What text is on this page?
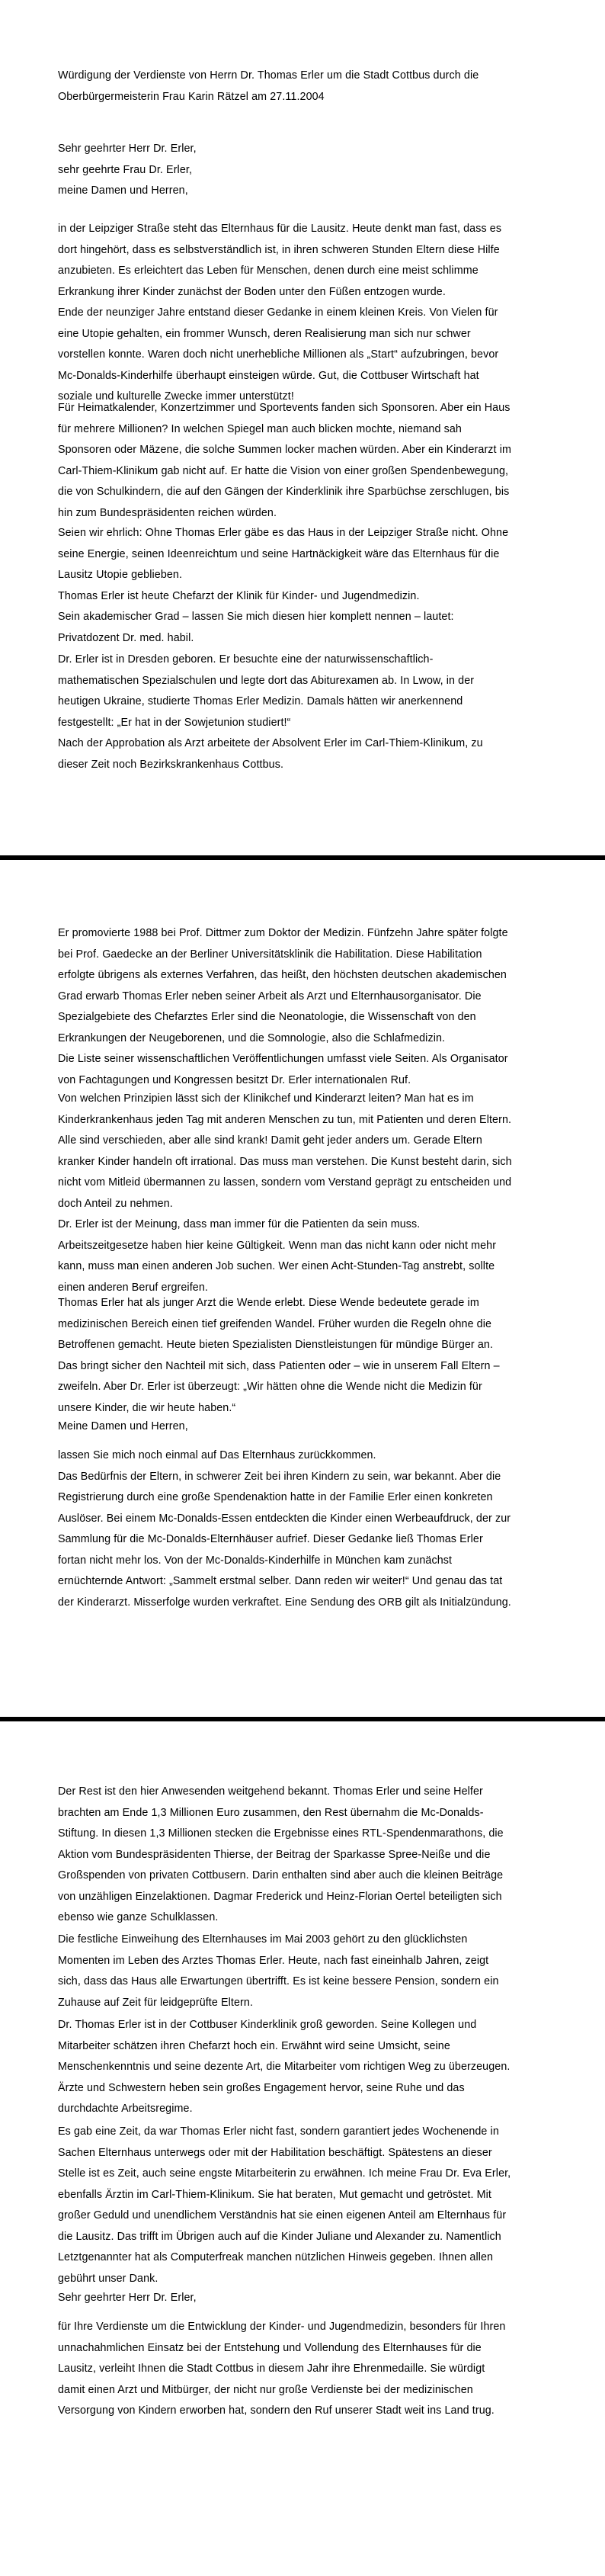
Würdigung der Verdienste von Herrn Dr. Thomas Erler um die Stadt Cottbus durch die
Oberbürgermeisterin Frau Karin Rätzel am 27.11.2004
Sehr geehrter Herr Dr. Erler,
sehr geehrte Frau Dr. Erler,
meine Damen und Herren,
in der Leipziger Straße steht das Elternhaus für die Lausitz. Heute denkt man fast, dass es
dort hingehört, dass es selbstverständlich ist, in ihren schweren Stunden Eltern diese Hilfe
anzubieten. Es erleichtert das Leben für Menschen, denen durch eine meist schlimme
Erkrankung ihrer Kinder zunächst der Boden unter den Füßen entzogen wurde.
Ende der neunziger Jahre entstand dieser Gedanke in einem kleinen Kreis. Von Vielen für
eine Utopie gehalten, ein frommer Wunsch, deren Realisierung man sich nur schwer
vorstellen konnte. Waren doch nicht unerhebliche Millionen als „Start“ aufzubringen, bevor
Mc-Donalds-Kinderhilfe überhaupt einsteigen würde. Gut, die Cottbuser Wirtschaft hat
soziale und kulturelle Zwecke immer unterstützt!
Für Heimatkalender, Konzertzimmer und Sportevents fanden sich Sponsoren. Aber ein Haus
für mehrere Millionen? In welchen Spiegel man auch blicken mochte, niemand sah
Sponsoren oder Mäzene, die solche Summen locker machen würden. Aber ein Kinderarzt im
Carl-Thiem-Klinikum gab nicht auf. Er hatte die Vision von einer großen Spendenbewegung,
die von Schulkindern, die auf den Gängen der Kinderklinik ihre Sparbüchse zerschlugen, bis
hin zum Bundespräsidenten reichen würden.
Seien wir ehrlich: Ohne Thomas Erler gäbe es das Haus in der Leipziger Straße nicht. Ohne
seine Energie, seinen Ideenreichtum und seine Hartnäckigkeit wäre das Elternhaus für die
Lausitz Utopie geblieben.
Thomas Erler ist heute Chefarzt der Klinik für Kinder- und Jugendmedizin.
Sein akademischer Grad – lassen Sie mich diesen hier komplett nennen – lautet:
Privatdozent Dr. med. habil.
Dr. Erler ist in Dresden geboren. Er besuchte eine der naturwissenschaftlich-
mathematischen Spezialschulen und legte dort das Abiturexamen ab. In Lwow, in der
heutigen Ukraine, studierte Thomas Erler Medizin. Damals hätten wir anerkennend
festgestellt: „Er hat in der Sowjetunion studiert!“
Nach der Approbation als Arzt arbeitete der Absolvent Erler im Carl-Thiem-Klinikum, zu
dieser Zeit noch Bezirkskrankenhaus Cottbus.
Er promovierte 1988 bei Prof. Dittmer zum Doktor der Medizin. Fünfzehn Jahre später folgte
bei Prof. Gaedecke an der Berliner Universitätsklinik die Habilitation. Diese Habilitation
erfolgte übrigens als externes Verfahren, das heißt, den höchsten deutschen akademischen
Grad erwarb Thomas Erler neben seiner Arbeit als Arzt und Elternhausorganisator. Die
Spezialgebiete des Chefarztes Erler sind die Neonatologie, die Wissenschaft von den
Erkrankungen der Neugeborenen, und die Somnologie, also die Schlafmedizin.
Die Liste seiner wissenschaftlichen Veröffentlichungen umfasst viele Seiten. Als Organisator
von Fachtagungen und Kongressen besitzt Dr. Erler internationalen Ruf.
Von welchen Prinzipien lässt sich der Klinikchef und Kinderarzt leiten? Man hat es im
Kinderkrankenhaus jeden Tag mit anderen Menschen zu tun, mit Patienten und deren Eltern.
Alle sind verschieden, aber alle sind krank! Damit geht jeder anders um. Gerade Eltern
kranker Kinder handeln oft irrational. Das muss man verstehen. Die Kunst besteht darin, sich
nicht vom Mitleid übermannen zu lassen, sondern vom Verstand geprägt zu entscheiden und
doch Anteil zu nehmen.
Dr. Erler ist der Meinung, dass man immer für die Patienten da sein muss.
Arbeitszeitgesetze haben hier keine Gültigkeit. Wenn man das nicht kann oder nicht mehr
kann, muss man einen anderen Job suchen. Wer einen Acht-Stunden-Tag anstrebt, sollte
einen anderen Beruf ergreifen.
Thomas Erler hat als junger Arzt die Wende erlebt. Diese Wende bedeutete gerade im
medizinischen Bereich einen tief greifenden Wandel. Früher wurden die Regeln ohne die
Betroffenen gemacht. Heute bieten Spezialisten Dienstleistungen für mündige Bürger an.
Das bringt sicher den Nachteil mit sich, dass Patienten oder – wie in unserem Fall Eltern –
zweifeln. Aber Dr. Erler ist überzeugt: „Wir hätten ohne die Wende nicht die Medizin für
unsere Kinder, die wir heute haben.“
Meine Damen und Herren,
lassen Sie mich noch einmal auf Das Elternhaus zurückkommen.
Das Bedürfnis der Eltern, in schwerer Zeit bei ihren Kindern zu sein, war bekannt. Aber die
Registrierung durch eine große Spendenaktion hatte in der Familie Erler einen konkreten
Auslöser. Bei einem Mc-Donalds-Essen entdeckten die Kinder einen Werbeaufdruck, der zur
Sammlung für die Mc-Donalds-Elternhäuser aufrief. Dieser Gedanke ließ Thomas Erler
fortan nicht mehr los. Von der Mc-Donalds-Kinderhilfe in München kam zunächst
ernüchternde Antwort: „Sammelt erstmal selber. Dann reden wir weiter!“ Und genau das tat
der Kinderarzt. Misserfolge wurden verkraftet. Eine Sendung des ORB gilt als Initialzündung.
Der Rest ist den hier Anwesenden weitgehend bekannt. Thomas Erler und seine Helfer
brachten am Ende 1,3 Millionen Euro zusammen, den Rest übernahm die Mc-Donalds-
Stiftung. In diesen 1,3 Millionen stecken die Ergebnisse eines RTL-Spendenmarathons, die
Aktion vom Bundespräsidenten Thierse, der Beitrag der Sparkasse Spree-Neiße und die
Großspenden von privaten Cottbusern. Darin enthalten sind aber auch die kleinen Beiträge
von unzähligen Einzelaktionen. Dagmar Frederick und Heinz-Florian Oertel beteiligten sich
ebenso wie ganze Schulklassen.
Die festliche Einweihung des Elternhauses im Mai 2003 gehört zu den glücklichsten
Momenten im Leben des Arztes Thomas Erler. Heute, nach fast eineinhalb Jahren, zeigt
sich, dass das Haus alle Erwartungen übertrifft. Es ist keine bessere Pension, sondern ein
Zuhause auf Zeit für leidgeprüfte Eltern.
Dr. Thomas Erler ist in der Cottbuser Kinderklinik groß geworden. Seine Kollegen und
Mitarbeiter schätzen ihren Chefarzt hoch ein. Erwähnt wird seine Umsicht, seine
Menschenkenntnis und seine dezente Art, die Mitarbeiter vom richtigen Weg zu überzeugen.
Ärzte und Schwestern heben sein großes Engagement hervor, seine Ruhe und das
durchdachte Arbeitsregime.
Es gab eine Zeit, da war Thomas Erler nicht fast, sondern garantiert jedes Wochenende in
Sachen Elternhaus unterwegs oder mit der Habilitation beschäftigt. Spätestens an dieser
Stelle ist es Zeit, auch seine engste Mitarbeiterin zu erwähnen. Ich meine Frau Dr. Eva Erler,
ebenfalls Ärztin im Carl-Thiem-Klinikum. Sie hat beraten, Mut gemacht und getröstet. Mit
großer Geduld und unendlichem Verständnis hat sie einen eigenen Anteil am Elternhaus für
die Lausitz. Das trifft im Übrigen auch auf die Kinder Juliane und Alexander zu. Namentlich
Letztgenannter hat als Computerfreak manchen nützlichen Hinweis gegeben. Ihnen allen
gebührt unser Dank.
Sehr geehrter Herr Dr. Erler,
für Ihre Verdienste um die Entwicklung der Kinder- und Jugendmedizin, besonders für Ihren
unnachahmlichen Einsatz bei der Entstehung und Vollendung des Elternhauses für die
Lausitz, verleiht Ihnen die Stadt Cottbus in diesem Jahr ihre Ehrenmedaille. Sie würdigt
damit einen Arzt und Mitbürger, der nicht nur große Verdienste bei der medizinischen
Versorgung von Kindern erworben hat, sondern den Ruf unserer Stadt weit ins Land trug.
